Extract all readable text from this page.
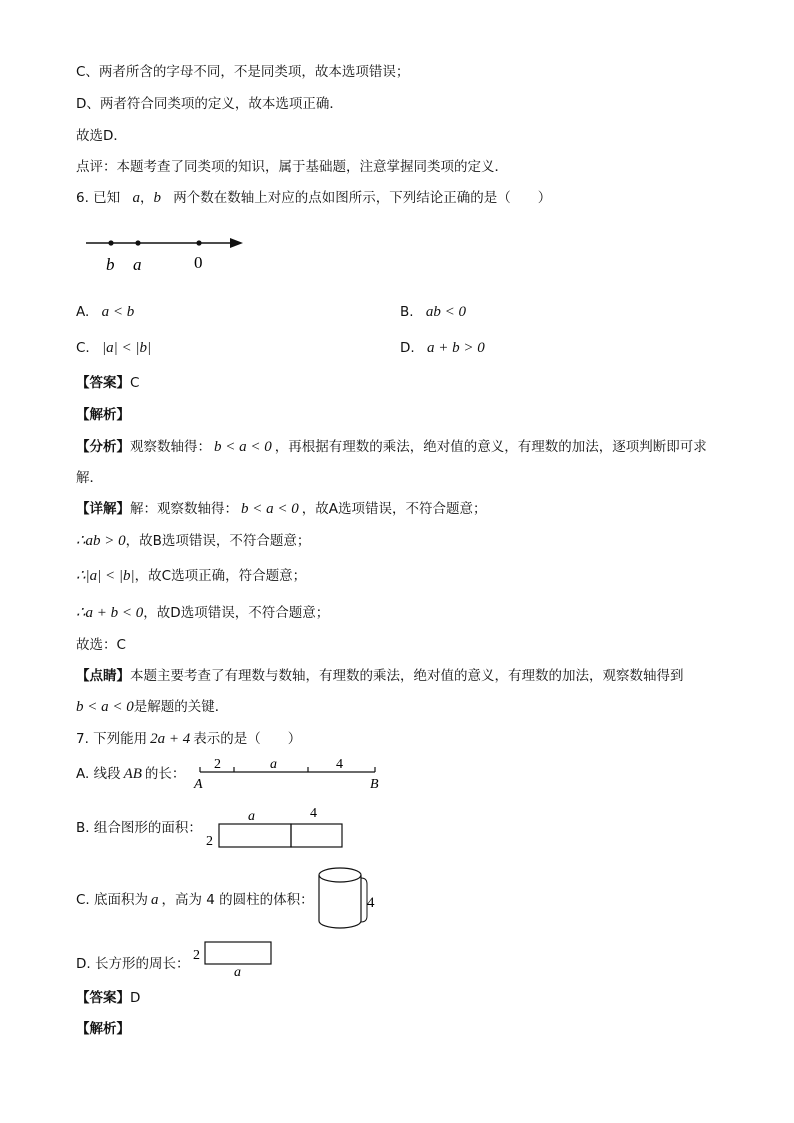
C、两者所含的字母不同，不是同类项，故本选项错误；
D、两者符合同类项的定义，故本选项正确．
故选D．
点评：本题考查了同类项的知识，属于基础题，注意掌握同类项的定义．
6. 已知 a，b 两个数在数轴上对应的点如图所示，下列结论正确的是（　　）
b a	0
A. a < b	B. ab < 0
C. |a| < |b|	D. a + b > 0
【答案】C
【解析】
【分析】观察数轴得： b < a < 0 ，再根据有理数的乘法，绝对值的意义，有理数的加法，逐项判断即可求
解．
【详解】解：观察数轴得： b < a < 0 ，故A选项错误，不符合题意；
∴ab > 0，故B选项错误，不符合题意；
∴|a| < |b|，故C选项正确，符合题意；
∴a + b < 0，故D选项错误，不符合题意；
故选：C
【点睛】本题主要考查了有理数与数轴，有理数的乘法，绝对值的意义，有理数的加法，观察数轴得到
b < a < 0是解题的关键．
7. 下列能用 2a + 4 表示的是（　　）
A. 线段 AB 的长：
2	a	4
A	B
B. 组合图形的面积：
a	4
2
C. 底面积为 a ，高为 4 的圆柱的体积：	4
D. 长方形的周长：
2
a
【答案】D
【解析】
